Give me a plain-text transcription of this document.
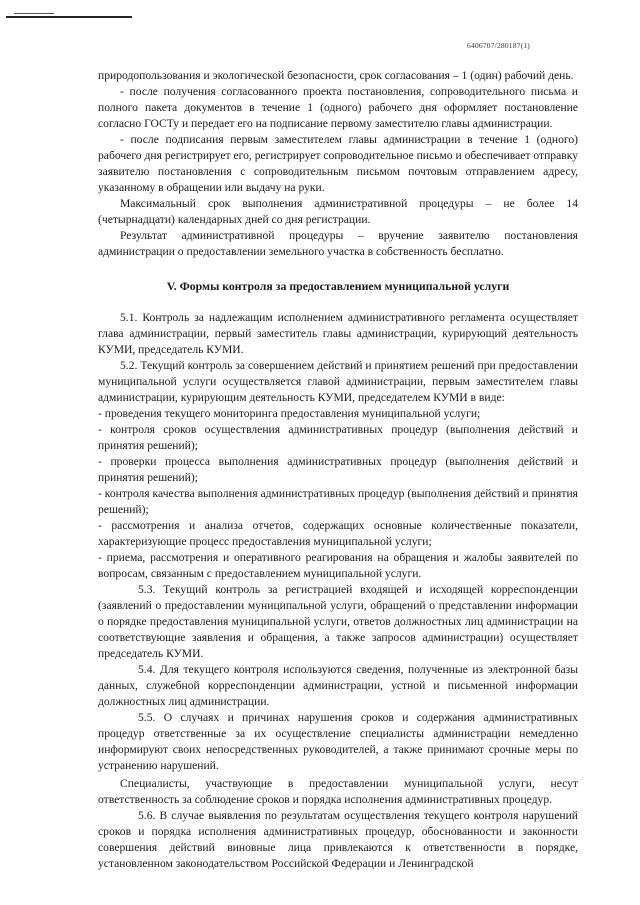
6406707/280187(1)

природопользования и экологической безопасности, срок согласования – 1 (один) рабочий день.

- после получения согласованного проекта постановления, сопроводительного письма и полного пакета документов в течение 1 (одного) рабочего дня оформляет постановление согласно ГОСТу и передает его на подписание первому заместителю главы администрации.

- после подписания первым заместителем главы администрации в течение 1 (одного) рабочего дня регистрирует его, регистрирует сопроводительное письмо и обеспечивает отправку заявителю постановления с сопроводительным письмом почтовым отправлением адресу, указанному в обращении или выдачу на руки.

Максимальный срок выполнения административной процедуры – не более 14 (четырнадцати) календарных дней со дня регистрации.

Результат административной процедуры – вручение заявителю постановления администрации о предоставлении земельного участка в собственность бесплатно.

V. Формы контроля за предоставлением муниципальной услуги

5.1. Контроль за надлежащим исполнением административного регламента осуществляет глава администрации, первый заместитель главы администрации, курирующий деятельность КУМИ, председатель КУМИ.

5.2. Текущий контроль за совершением действий и принятием решений при предоставлении муниципальной услуги осуществляется главой администрации, первым заместителем главы администрации, курирующим деятельность КУМИ, председателем КУМИ в виде:

- проведения текущего мониторинга предоставления муниципальной услуги;

- контроля сроков осуществления административных процедур (выполнения действий и принятия решений);

- проверки процесса выполнения административных процедур (выполнения действий и принятия решений);

- контроля качества выполнения административных процедур (выполнения действий и принятия решений);

- рассмотрения и анализа отчетов, содержащих основные количественные показатели, характеризующие процесс предоставления муниципальной услуги;

- приема, рассмотрения и оперативного реагирования на обращения и жалобы заявителей по вопросам, связанным с предоставлением муниципальной услуги.

5.3. Текущий контроль за регистрацией входящей и исходящей корреспонденции (заявлений о предоставлении муниципальной услуги, обращений о представлении информации о порядке предоставления муниципальной услуги, ответов должностных лиц администрации на соответствующие заявления и обращения, а также запросов администрации) осуществляет председатель КУМИ.

5.4. Для текущего контроля используются сведения, полученные из электронной базы данных, служебной корреспонденции администрации, устной и письменной информации должностных лиц администрации.

5.5. О случаях и причинах нарушения сроков и содержания административных процедур ответственные за их осуществление специалисты администрации немедленно информируют своих непосредственных руководителей, а также принимают срочные меры по устранению нарушений.

Специалисты, участвующие в предоставлении муниципальной услуги, несут ответственность за соблюдение сроков и порядка исполнения административных процедур.

5.6. В случае выявления по результатам осуществления текущего контроля нарушений сроков и порядка исполнения административных процедур, обоснованности и законности совершения действий виновные лица привлекаются к ответственности в порядке, установленном законодательством Российской Федерации и Ленинградской
